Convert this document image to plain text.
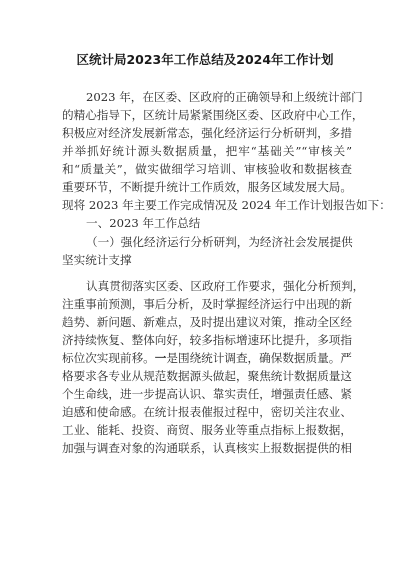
区统计局2023年工作总结及2024年工作计划
2023 年，在区委、区政府的正确领导和上级统计部门
的精心指导下，区统计局紧紧围绕区委、区政府中心工作，
积极应对经济发展新常态，强化经济运行分析研判，多措
并举抓好统计源头数据质量，把牢“基础关”“审核关”
和“质量关”，做实做细学习培训、审核验收和数据核查
重要环节，不断提升统计工作质效，服务区域发展大局。
现将 2023 年主要工作完成情况及 2024 年工作计划报告如下：
一、2023 年工作总结
（一）强化经济运行分析研判，为经济社会发展提供
坚实统计支撑
认真贯彻落实区委、区政府工作要求，强化分析预判，
注重事前预测，事后分析，及时掌握经济运行中出现的新
趋势、新问题、新难点，及时提出建议对策，推动全区经
济持续恢复、整体向好，较多指标增速环比提升，多项指
标位次实现前移。一是围绕统计调查，确保数据质量。严
格要求各专业从规范数据源头做起，聚焦统计数据质量这
个生命线，进一步提高认识、靠实责任，增强责任感、紧
迫感和使命感。在统计报表催报过程中，密切关注农业、
工业、能耗、投资、商贸、服务业等重点指标上报数据，
加强与调查对象的沟通联系，认真核实上报数据提供的相
